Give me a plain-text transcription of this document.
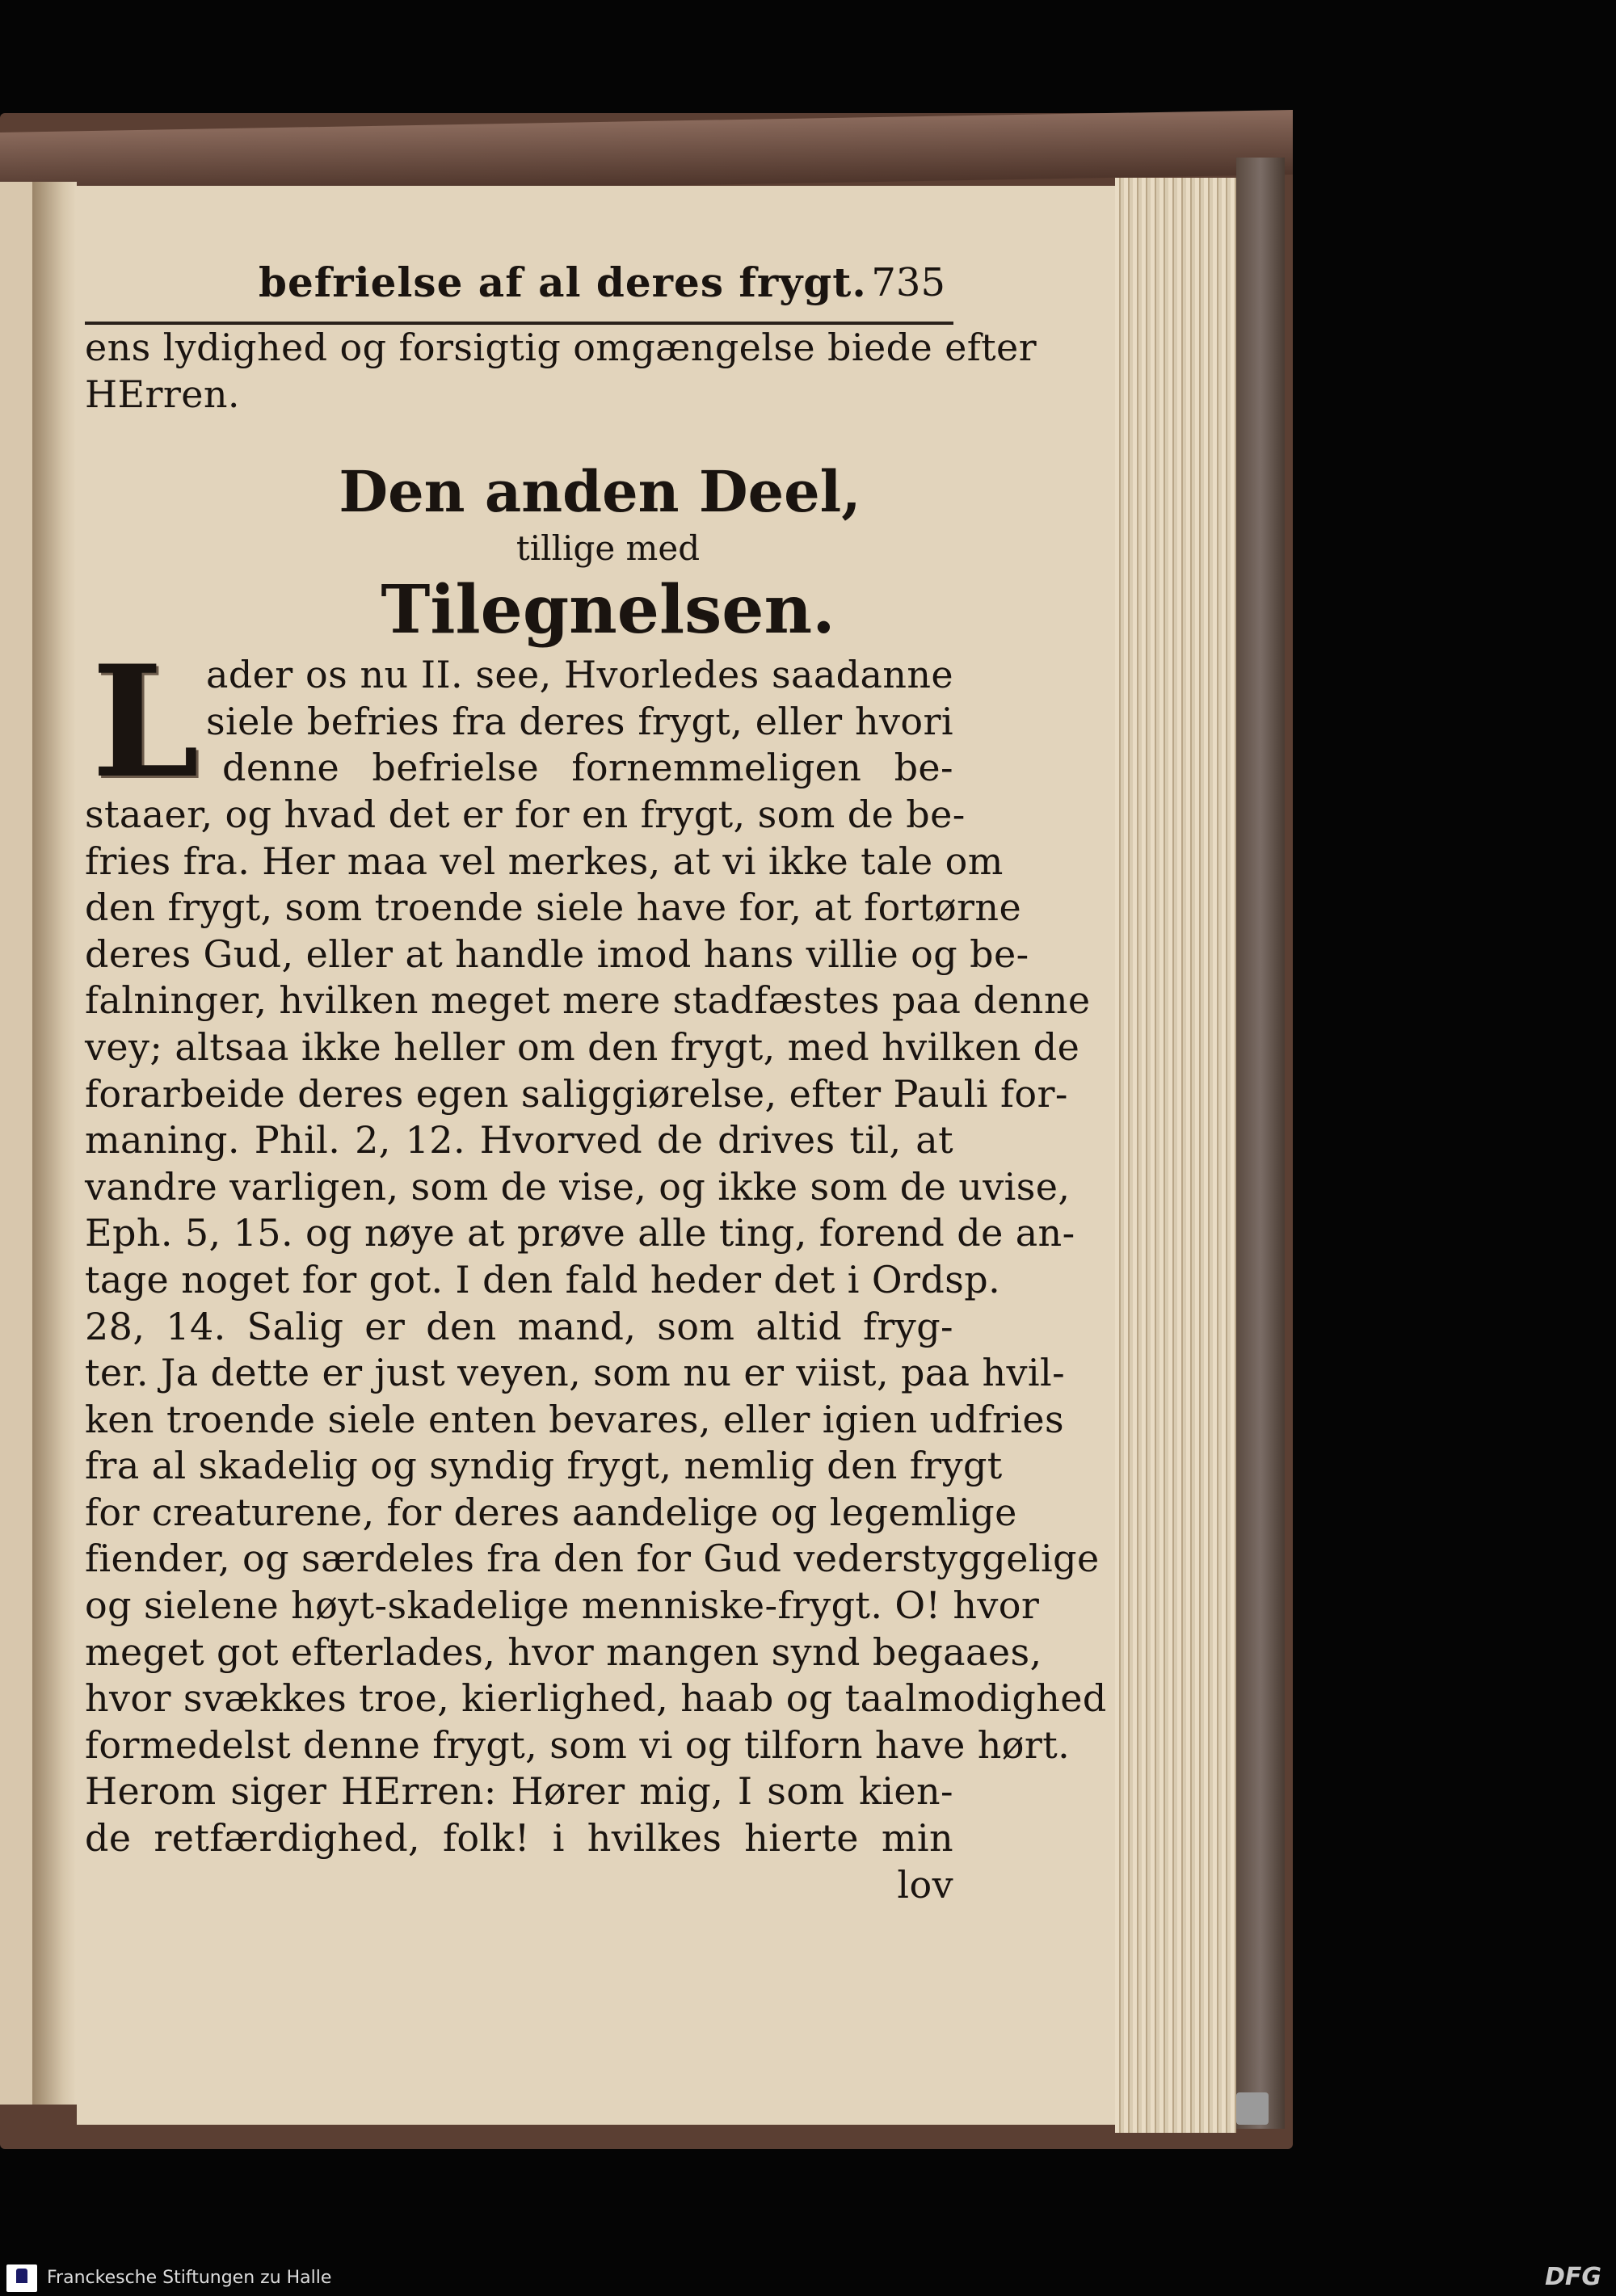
befrielse af al deres frygt. 735
ens lydighed og forsigtig omgængelse biede efter
HErren.
Den anden Deel,
tillige med
Tilegnelsen.
L ader os nu II. see, Hvorledes saadanne
siele befries fra deres frygt, eller hvori
denne befrielse fornemmeligen be-
staaer, og hvad det er for en frygt, som de be-
fries fra. Her maa vel merkes, at vi ikke tale om
den frygt, som troende siele have for, at fortørne
deres Gud, eller at handle imod hans villie og be-
falninger, hvilken meget mere stadfæstes paa denne
vey; altsaa ikke heller om den frygt, med hvilken de
forarbeide deres egen saliggiørelse, efter Pauli for-
maning. Phil. 2, 12. Hvorved de drives til, at
vandre varligen, som de vise, og ikke som de uvise,
Eph. 5, 15. og nøye at prøve alle ting, forend de an-
tage noget for got. I den fald heder det i Ordsp.
28, 14. Salig er den mand, som altid fryg-
ter. Ja dette er just veyen, som nu er viist, paa hvil-
ken troende siele enten bevares, eller igien udfries
fra al skadelig og syndig frygt, nemlig den frygt
for creaturene, for deres aandelige og legemlige
fiender, og særdeles fra den for Gud vederstyggelige
og sielene høyt-skadelige menniske-frygt. O! hvor
meget got efterlades, hvor mangen synd begaaes,
hvor svækkes troe, kierlighed, haab og taalmodighed
formedelst denne frygt, som vi og tilforn have hørt.
Herom siger HErren: Hører mig, I som kien-
de retfærdighed, folk! i hvilkes hierte min
lov
Franckesche Stiftungen zu Halle	DFG
